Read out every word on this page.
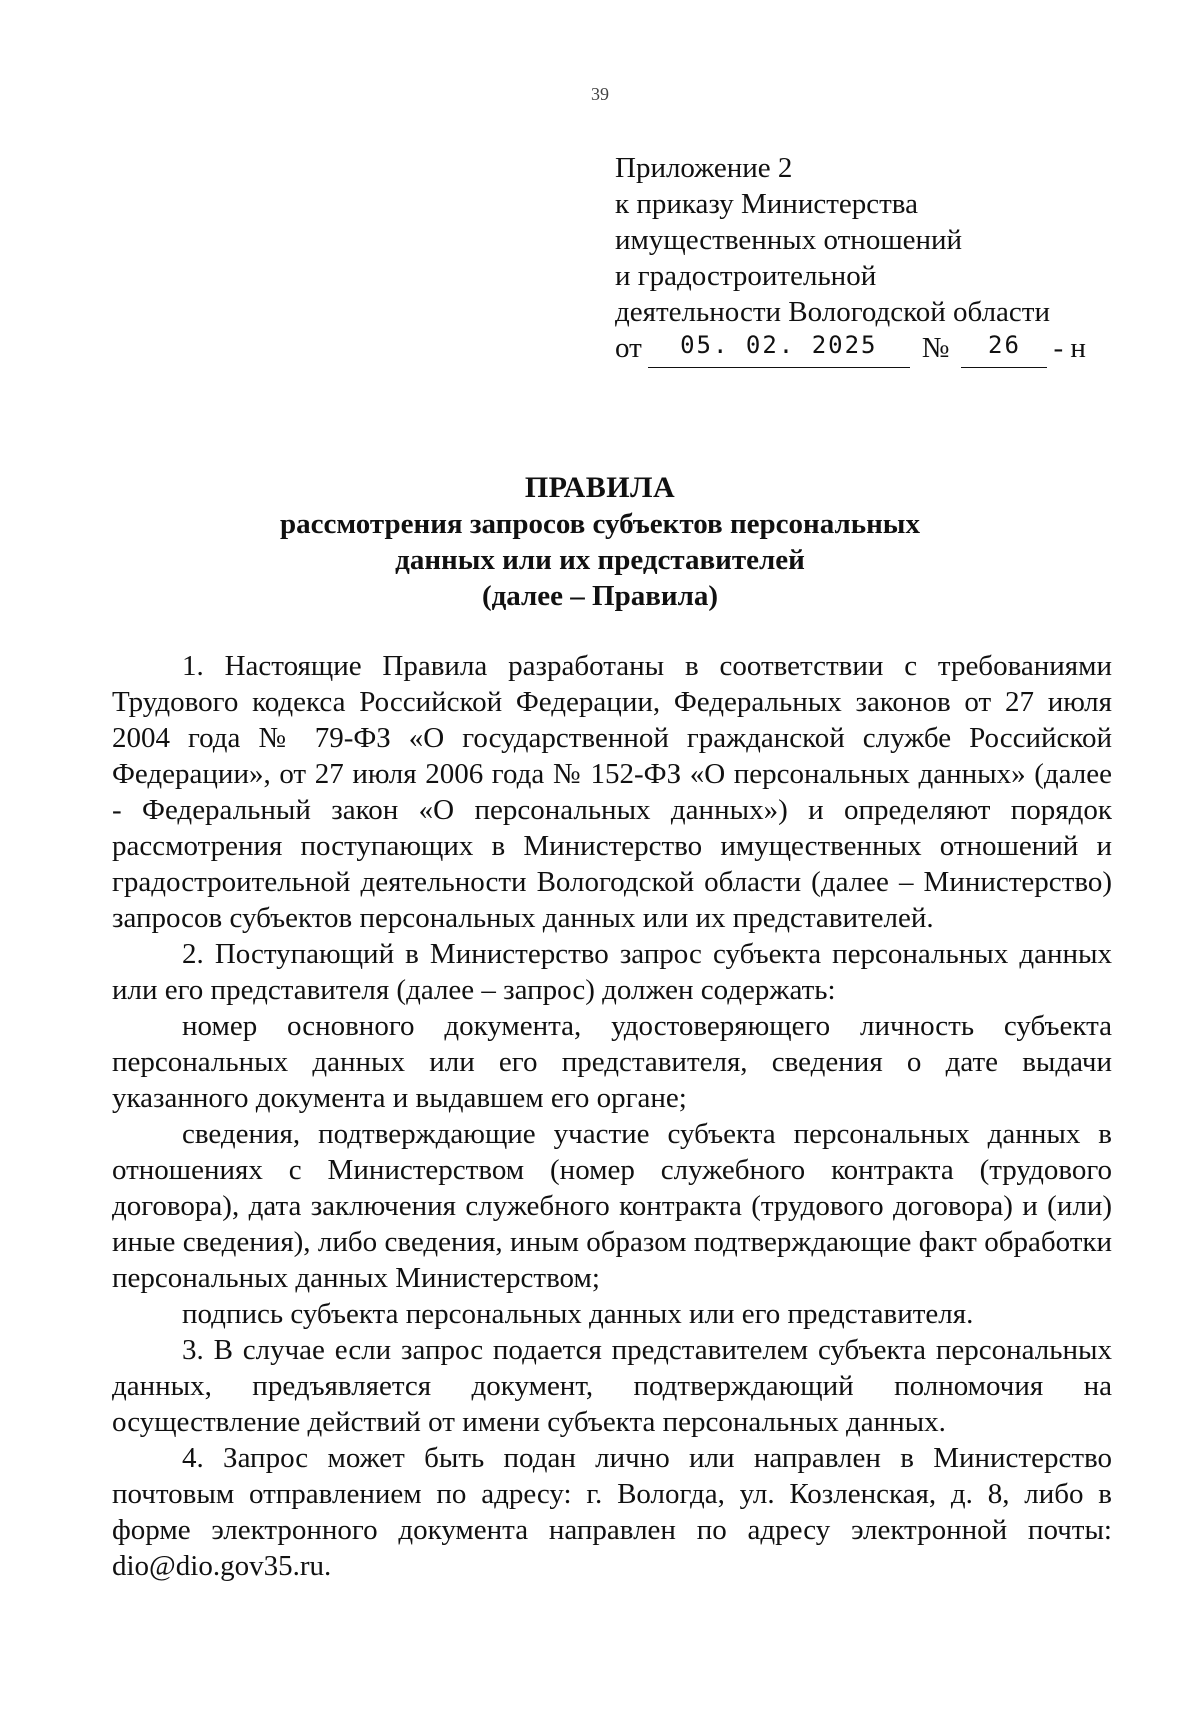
39
Приложение 2
к приказу Министерства
имущественных отношений
и градостроительной
деятельности Вологодской области
от 05. 02. 2025 № 26 - н
ПРАВИЛА
рассмотрения запросов субъектов персональных
данных или их представителей
(далее – Правила)

1. Настоящие Правила разработаны в соответствии с требованиями Трудового кодекса Российской Федерации, Федеральных законов от 27 июля 2004 года № 79-ФЗ «О государственной гражданской службе Российской Федерации», от 27 июля 2006 года № 152-ФЗ «О персональных данных» (далее - Федеральный закон «О персональных данных») и определяют порядок рассмотрения поступающих в Министерство имущественных отношений и градостроительной деятельности Вологодской области (далее – Министерство) запросов субъектов персональных данных или их представителей.

2. Поступающий в Министерство запрос субъекта персональных данных или его представителя (далее – запрос) должен содержать:

номер основного документа, удостоверяющего личность субъекта персональных данных или его представителя, сведения о дате выдачи указанного документа и выдавшем его органе;

сведения, подтверждающие участие субъекта персональных данных в отношениях с Министерством (номер служебного контракта (трудового договора), дата заключения служебного контракта (трудового договора) и (или) иные сведения), либо сведения, иным образом подтверждающие факт обработки персональных данных Министерством;

подпись субъекта персональных данных или его представителя.

3. В случае если запрос подается представителем субъекта персональных данных, предъявляется документ, подтверждающий полномочия на осуществление действий от имени субъекта персональных данных.

4. Запрос может быть подан лично или направлен в Министерство почтовым отправлением по адресу: г. Вологда, ул. Козленская, д. 8, либо в форме электронного документа направлен по адресу электронной почты: dio@dio.gov35.ru.
